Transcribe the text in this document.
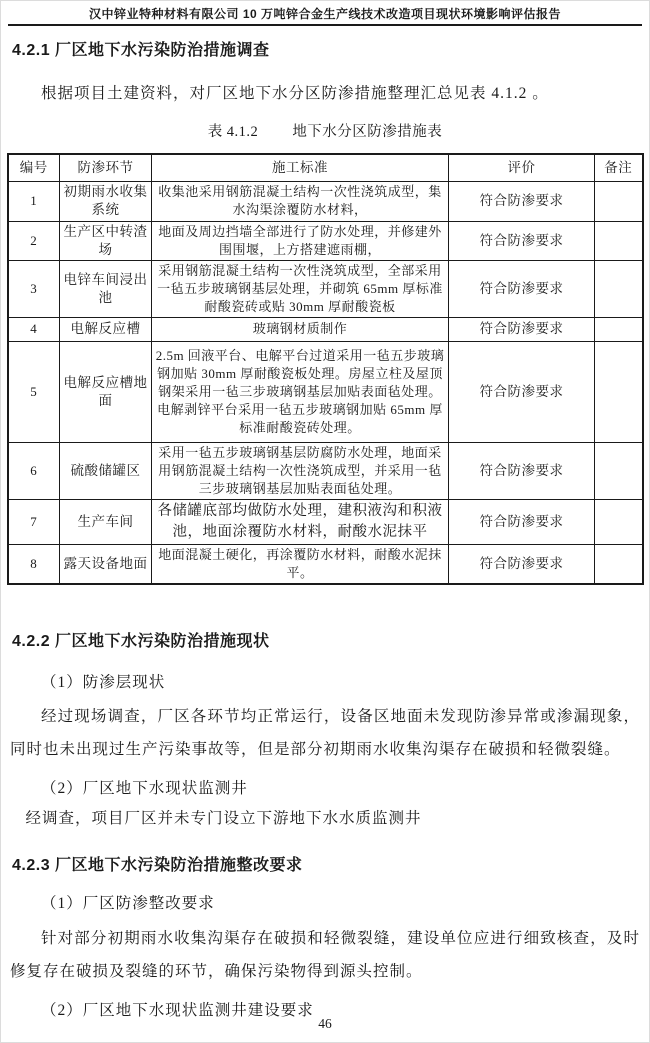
汉中锌业特种材料有限公司 10 万吨锌合金生产线技术改造项目现状环境影响评估报告
4.2.1 厂区地下水污染防治措施调查

根据项目土建资料，对厂区地下水分区防渗措施整理汇总见表 4.1.2 。

表 4.1.2 地下水分区防渗措施表
编号	防渗环节	施工标准	评价	备注
1	初期雨水收集系统	收集池采用钢筋混凝土结构一次性浇筑成型，集水沟渠涂覆防水材料，	符合防渗要求	
2	生产区中转渣场	地面及周边挡墙全部进行了防水处理，并修建外围围堰，上方搭建遮雨棚，	符合防渗要求	
3	电锌车间浸出池	采用钢筋混凝土结构一次性浇筑成型，全部采用一毡五步玻璃钢基层处理，并砌筑 65mm 厚标准耐酸瓷砖或贴 30mm 厚耐酸瓷板	符合防渗要求	
4	电解反应槽	玻璃钢材质制作	符合防渗要求	
5	电解反应槽地面	2.5m 回液平台、电解平台过道采用一毡五步玻璃钢加贴 30mm 厚耐酸瓷板处理。房屋立柱及屋顶钢架采用一毡三步玻璃钢基层加贴表面毡处理。电解剥锌平台采用一毡五步玻璃钢加贴 65mm 厚标准耐酸瓷砖处理。	符合防渗要求	
6	硫酸储罐区	采用一毡五步玻璃钢基层防腐防水处理，地面采用钢筋混凝土结构一次性浇筑成型，并采用一毡三步玻璃钢基层加贴表面毡处理。	符合防渗要求	
7	生产车间	各储罐底部均做防水处理，建积液沟和积液池，地面涂覆防水材料，耐酸水泥抹平	符合防渗要求	
8	露天设备地面	地面混凝土硬化，再涂覆防水材料，耐酸水泥抹平。	符合防渗要求	
4.2.2 厂区地下水污染防治措施现状
（1）防渗层现状

经过现场调查，厂区各环节均正常运行，设备区地面未发现防渗异常或渗漏现象，同时也未出现过生产污染事故等，但是部分初期雨水收集沟渠存在破损和轻微裂缝。

（2）厂区地下水现状监测井

经调查，项目厂区并未专门设立下游地下水水质监测井

4.2.3 厂区地下水污染防治措施整改要求
（1）厂区防渗整改要求

针对部分初期雨水收集沟渠存在破损和轻微裂缝，建设单位应进行细致核查，及时修复存在破损及裂缝的环节，确保污染物得到源头控制。

（2）厂区地下水现状监测井建设要求
46
